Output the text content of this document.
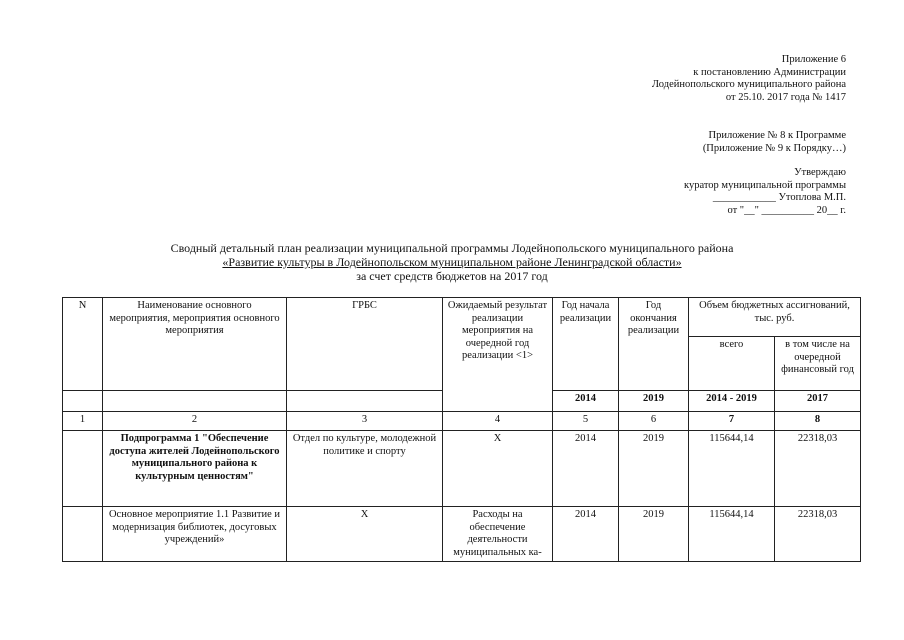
Приложение 6
к постановлению Администрации
Лодейнопольского муниципального района
от 25.10. 2017 года № 1417
Приложение № 8 к Программе
(Приложение № 9 к Порядку…)
Утверждаю
куратор муниципальной программы
____________ Утоплова М.П.
от "__" __________ 20__ г.
Сводный детальный план реализации муниципальной программы Лодейнопольского муниципального района
«Развитие культуры в Лодейнопольском муниципальном районе Ленинградской области»
за счет средств бюджетов на 2017 год
N	Наименование основного мероприятия, мероприятия основного мероприятия	ГРБС	Ожидаемый результат реализации мероприятия на очередной год реализации <1>	Год начала реализации	Год окончания реализации	Объем бюджетных ассигнований, тыс. руб.	
						всего	в том числе на очередной финансовый год
				2014	2019	2014 - 2019	2017
1	2	3	4	5	6	7	8
	Подпрограмма 1 "Обеспечение доступа жителей Лодейнопольского муниципального района к культурным ценностям"	Отдел по культуре, молодежной политике и спорту	Х	2014	2019	115644,14	22318,03
	Основное мероприятие 1.1 Развитие и модернизация библиотек, досуговых учреждений»	Х	Расходы на обеспечение деятельности муниципальных ка-	2014	2019	115644,14	22318,03
